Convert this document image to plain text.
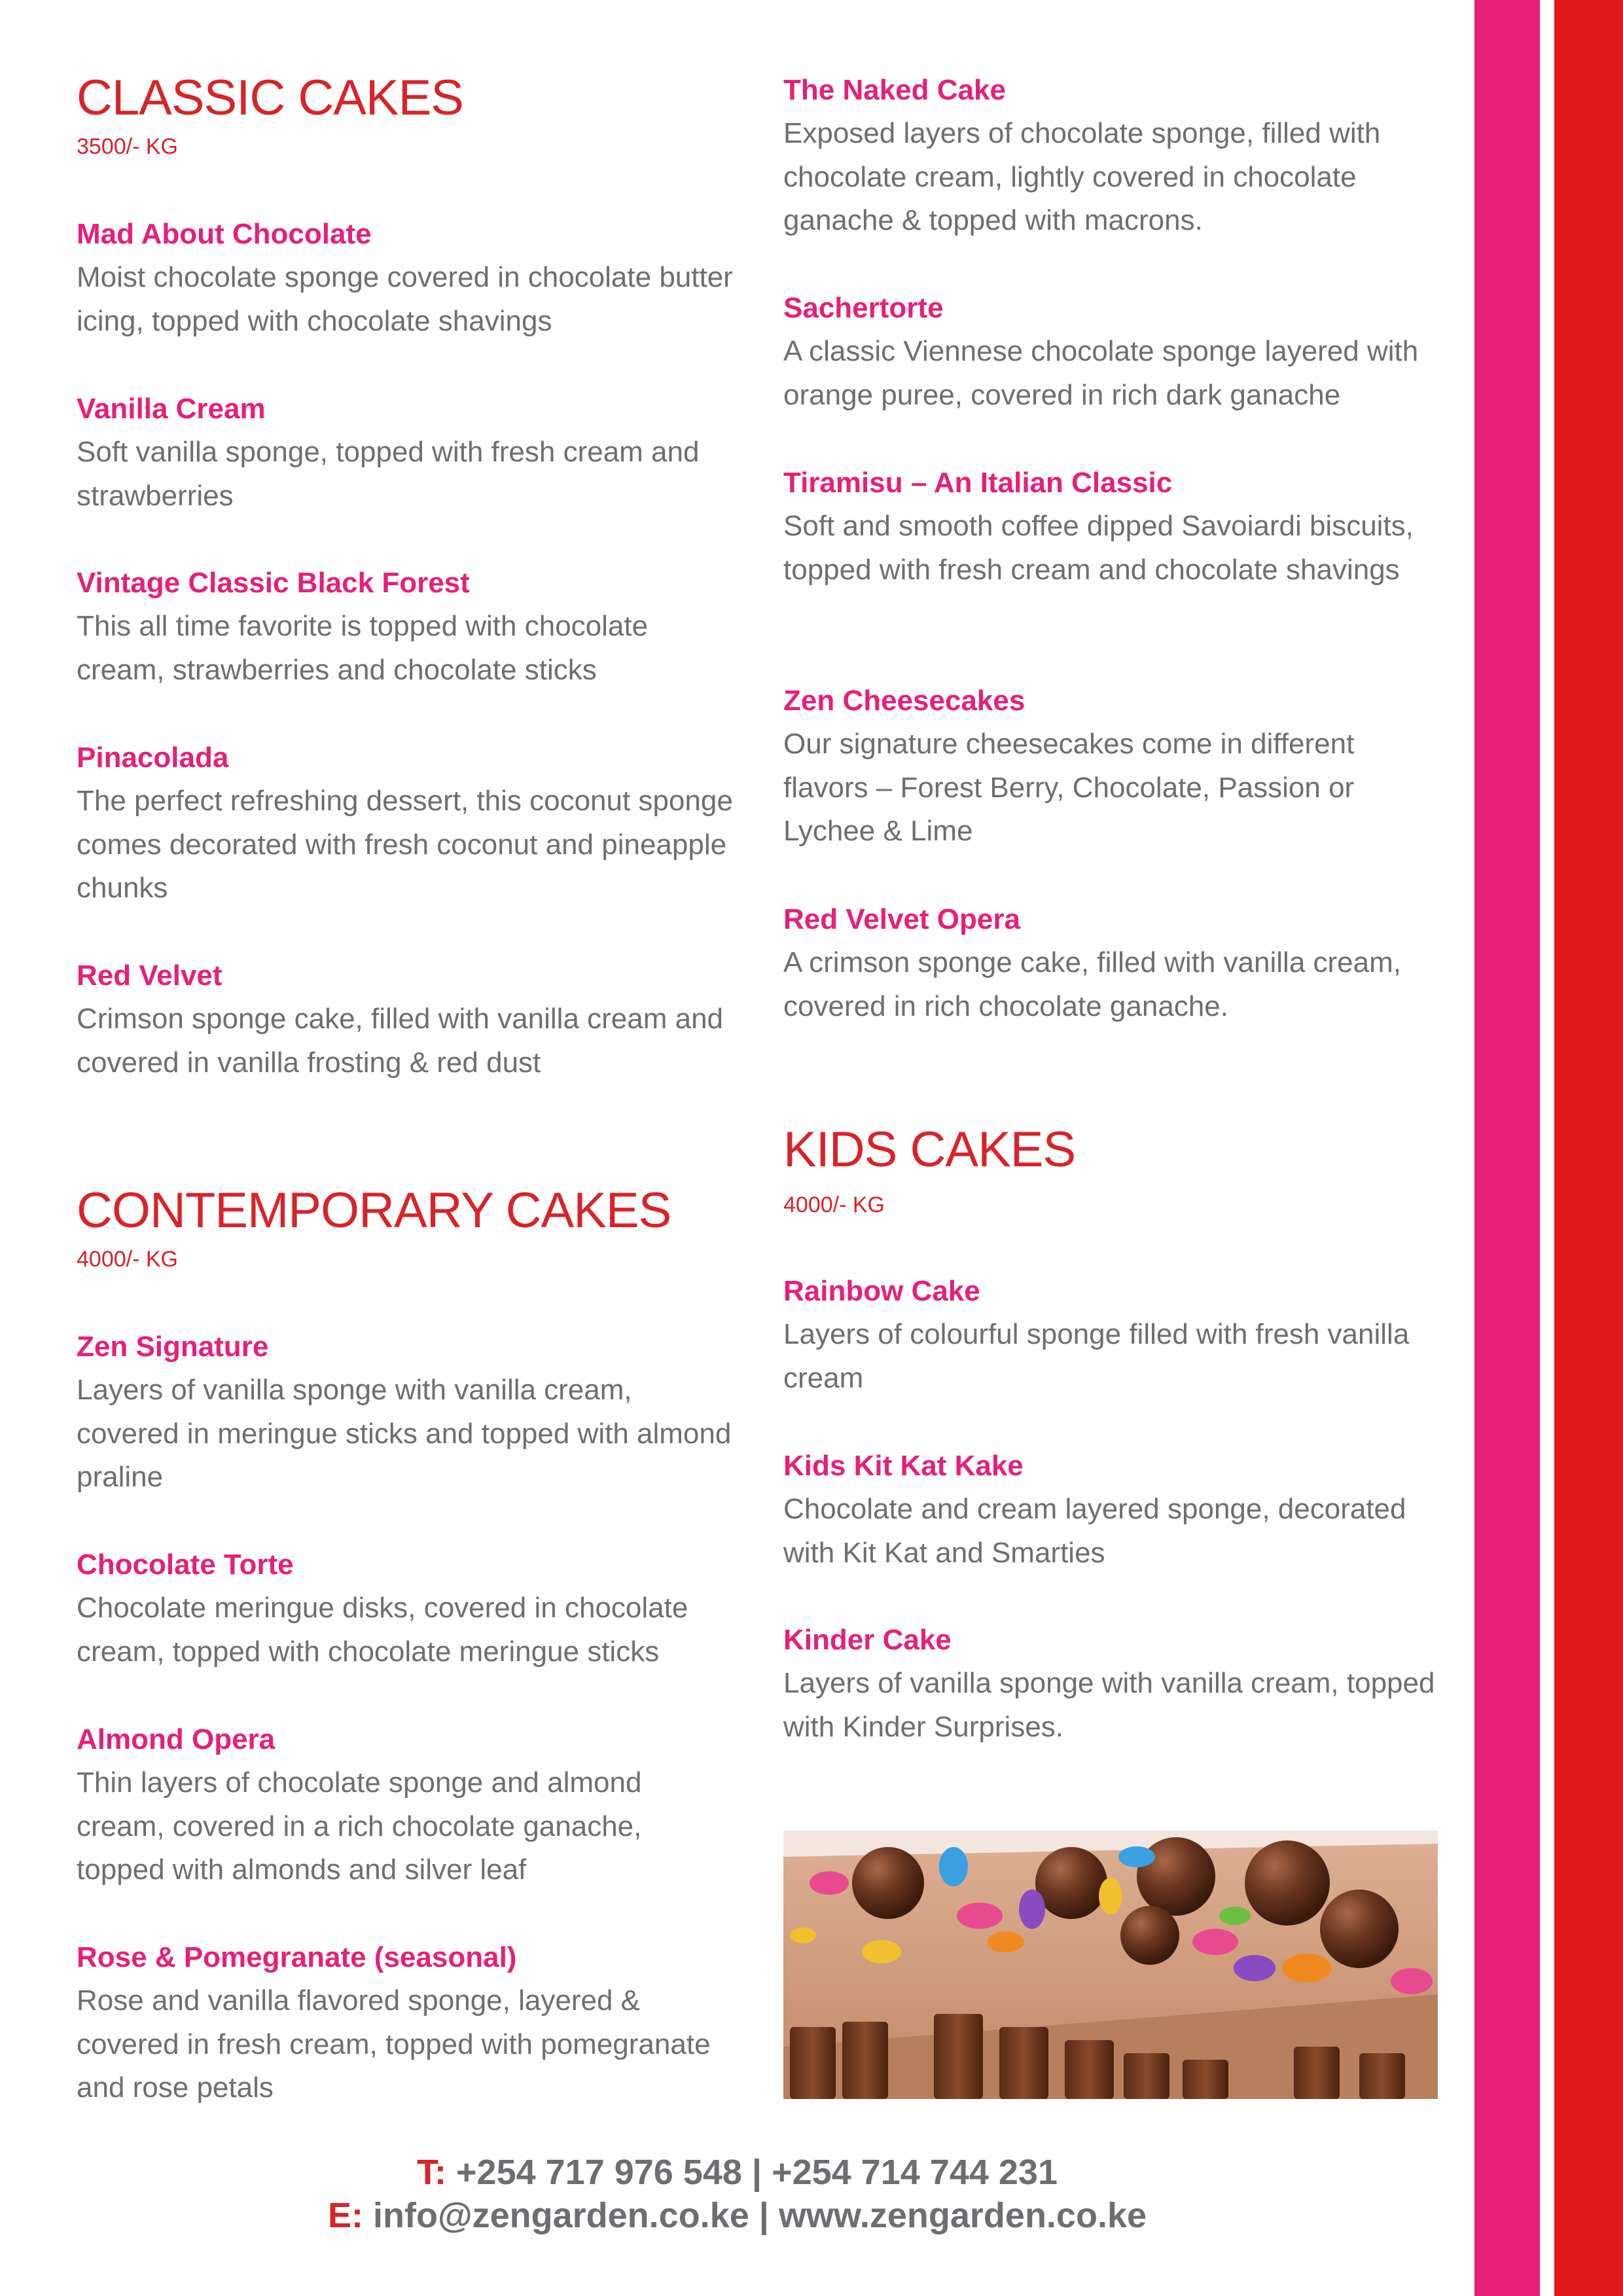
CLASSIC CAKES

3500/- KG

Mad About Chocolate

Moist chocolate sponge covered in chocolate butter icing, topped with chocolate shavings

Vanilla Cream

Soft vanilla sponge, topped with fresh cream and strawberries

Vintage Classic Black Forest

This all time favorite is topped with chocolate cream, strawberries and chocolate sticks

Pinacolada

The perfect refreshing dessert, this coconut sponge comes decorated with fresh coconut and pineapple chunks

Red Velvet

Crimson sponge cake, filled with vanilla cream and covered in vanilla frosting & red dust

CONTEMPORARY CAKES

4000/- KG

Zen Signature

Layers of vanilla sponge with vanilla cream, covered in meringue sticks and topped with almond praline

Chocolate Torte

Chocolate meringue disks, covered in chocolate cream, topped with chocolate meringue sticks

Almond Opera

Thin layers of chocolate sponge and almond cream, covered in a rich chocolate ganache, topped with almonds and silver leaf

Rose & Pomegranate (seasonal)

Rose and vanilla flavored sponge, layered & covered in fresh cream, topped with pomegranate and rose petals

The Naked Cake

Exposed layers of chocolate sponge, filled with chocolate cream, lightly covered in chocolate ganache & topped with macrons.

Sachertorte

A classic Viennese chocolate sponge layered with orange puree, covered in rich dark ganache

Tiramisu – An Italian Classic

Soft and smooth coffee dipped Savoiardi biscuits, topped with fresh cream and chocolate shavings

Zen Cheesecakes

Our signature cheesecakes come in different flavors – Forest Berry, Chocolate, Passion or Lychee & Lime

Red Velvet Opera

A crimson sponge cake, filled with vanilla cream, covered in rich chocolate ganache.

KIDS CAKES

4000/- KG

Rainbow Cake

Layers of colourful sponge filled with fresh vanilla cream

Kids Kit Kat Kake

Chocolate and cream layered sponge, decorated with Kit Kat and Smarties

Kinder Cake

Layers of vanilla sponge with vanilla cream, topped with Kinder Surprises.

T: +254 717 976 548 | +254 714 744 231
E: info@zengarden.co.ke | www.zengarden.co.ke
